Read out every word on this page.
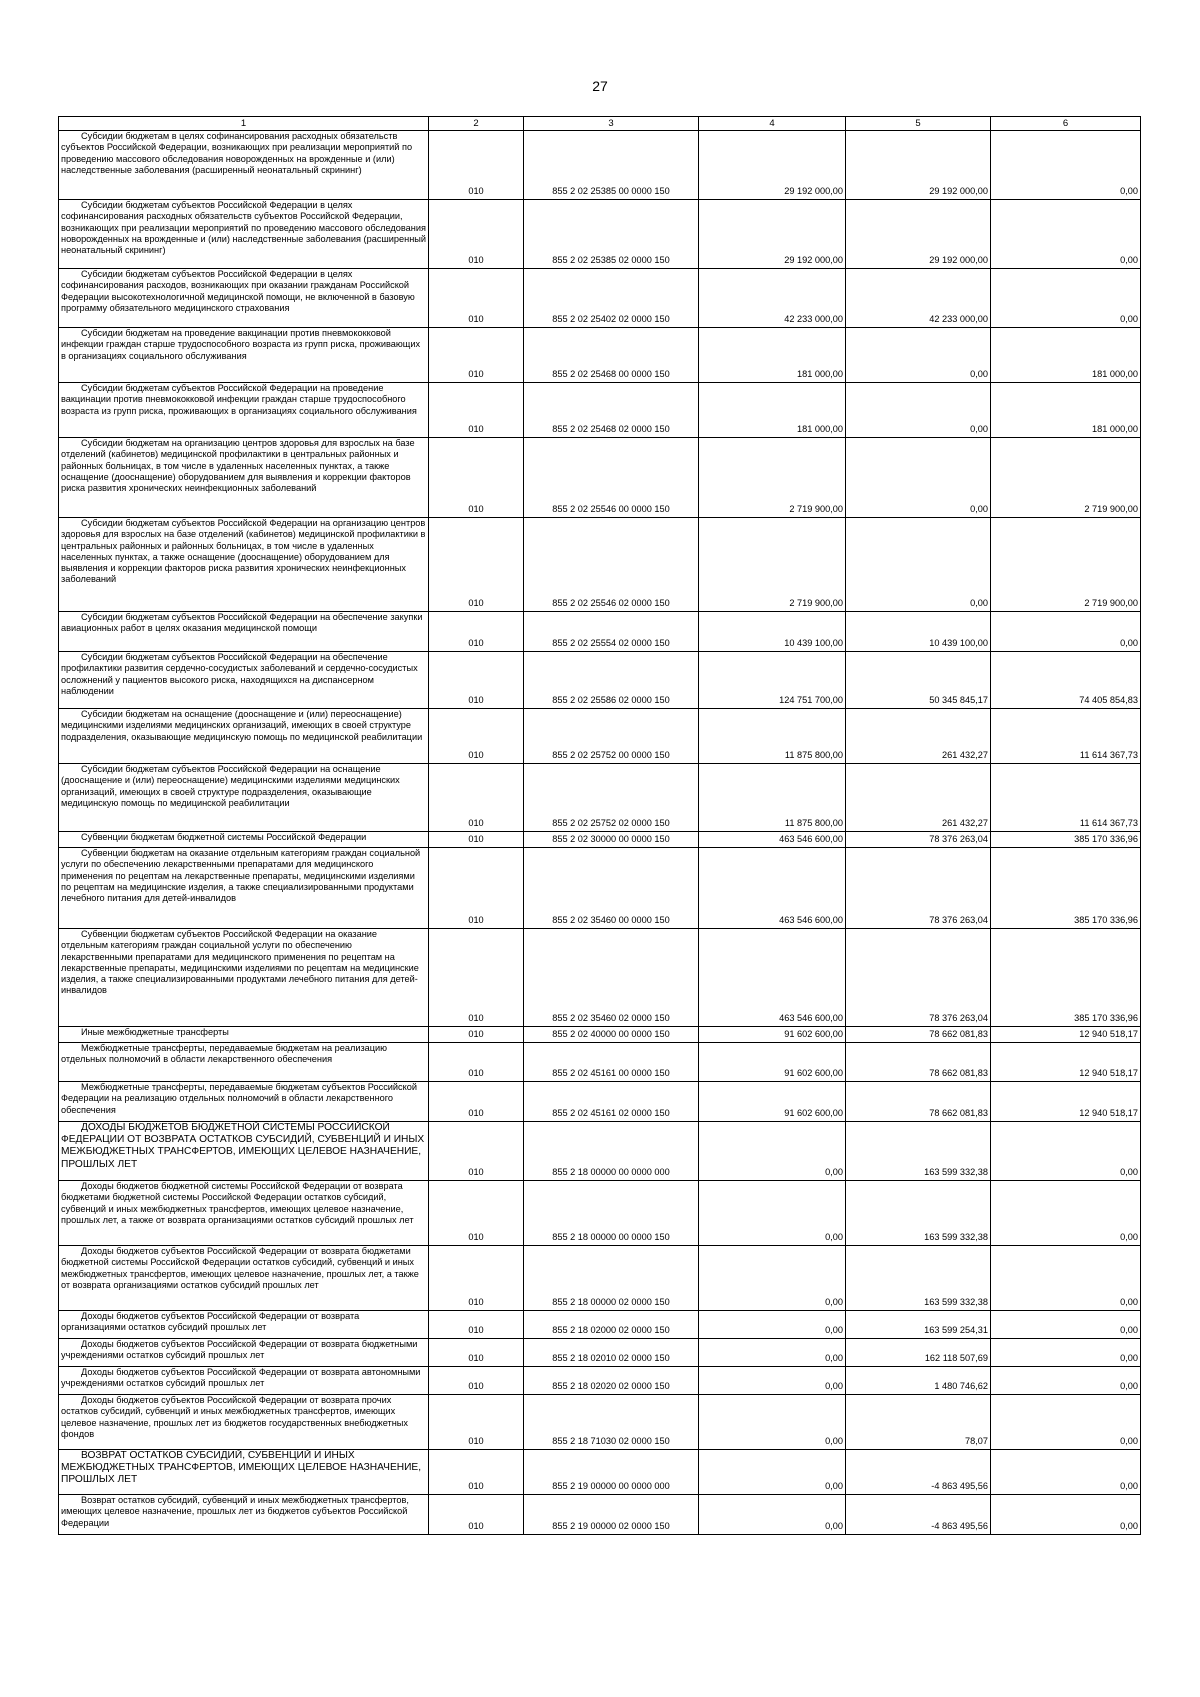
27
1	2	3	4	5	6
Субсидии бюджетам в целях софинансирования расходных обязательств субъектов Российской Федерации, возникающих при реализации мероприятий по проведению массового обследования новорожденных на врожденные и (или) наследственные заболевания (расширенный неонатальный скрининг)	010	855 2 02 25385 00 0000 150	29 192 000,00	29 192 000,00	0,00
Субсидии бюджетам субъектов Российской Федерации в целях софинансирования расходных обязательств субъектов Российской Федерации, возникающих при реализации мероприятий по проведению массового обследования новорожденных на врожденные и (или) наследственные заболевания (расширенный неонатальный скрининг)	010	855 2 02 25385 02 0000 150	29 192 000,00	29 192 000,00	0,00
Субсидии бюджетам субъектов Российской Федерации в целях софинансирования расходов, возникающих при оказании гражданам Российской Федерации высокотехнологичной медицинской помощи, не включенной в базовую программу обязательного медицинского страхования	010	855 2 02 25402 02 0000 150	42 233 000,00	42 233 000,00	0,00
Субсидии бюджетам на проведение вакцинации против пневмококковой инфекции граждан старше трудоспособного возраста из групп риска, проживающих в организациях социального обслуживания	010	855 2 02 25468 00 0000 150	181 000,00	0,00	181 000,00
Субсидии бюджетам субъектов Российской Федерации на проведение вакцинации против пневмококковой инфекции граждан старше трудоспособного возраста из групп риска, проживающих в организациях социального обслуживания	010	855 2 02 25468 02 0000 150	181 000,00	0,00	181 000,00
Субсидии бюджетам на организацию центров здоровья для взрослых на базе отделений (кабинетов) медицинской профилактики в центральных районных и районных больницах, в том числе в удаленных населенных пунктах, а также оснащение (дооснащение) оборудованием для выявления и коррекции факторов риска развития хронических неинфекционных заболеваний	010	855 2 02 25546 00 0000 150	2 719 900,00	0,00	2 719 900,00
Субсидии бюджетам субъектов Российской Федерации на организацию центров здоровья для взрослых на базе отделений (кабинетов) медицинской профилактики в центральных районных и районных больницах, в том числе в удаленных населенных пунктах, а также оснащение (дооснащение) оборудованием для выявления и коррекции факторов риска развития хронических неинфекционных заболеваний	010	855 2 02 25546 02 0000 150	2 719 900,00	0,00	2 719 900,00
Субсидии бюджетам субъектов Российской Федерации на обеспечение закупки авиационных работ в целях оказания медицинской помощи	010	855 2 02 25554 02 0000 150	10 439 100,00	10 439 100,00	0,00
Субсидии бюджетам субъектов Российской Федерации на обеспечение профилактики развития сердечно-сосудистых заболеваний и сердечно-сосудистых осложнений у пациентов высокого риска, находящихся на диспансерном наблюдении	010	855 2 02 25586 02 0000 150	124 751 700,00	50 345 845,17	74 405 854,83
Субсидии бюджетам на оснащение (дооснащение и (или) переоснащение) медицинскими изделиями медицинских организаций, имеющих в своей структуре подразделения, оказывающие медицинскую помощь по медицинской реабилитации	010	855 2 02 25752 00 0000 150	11 875 800,00	261 432,27	11 614 367,73
Субсидии бюджетам субъектов Российской Федерации на оснащение (дооснащение и (или) переоснащение) медицинскими изделиями медицинских организаций, имеющих в своей структуре подразделения, оказывающие медицинскую помощь по медицинской реабилитации	010	855 2 02 25752 02 0000 150	11 875 800,00	261 432,27	11 614 367,73
Субвенции бюджетам бюджетной системы Российской Федерации	010	855 2 02 30000 00 0000 150	463 546 600,00	78 376 263,04	385 170 336,96
Субвенции бюджетам на оказание отдельным категориям граждан социальной услуги по обеспечению лекарственными препаратами для медицинского применения по рецептам на лекарственные препараты, медицинскими изделиями по рецептам на медицинские изделия, а также специализированными продуктами лечебного питания для детей-инвалидов	010	855 2 02 35460 00 0000 150	463 546 600,00	78 376 263,04	385 170 336,96
Субвенции бюджетам субъектов Российской Федерации на оказание отдельным категориям граждан социальной услуги по обеспечению лекарственными препаратами для медицинского применения по рецептам на лекарственные препараты, медицинскими изделиями по рецептам на медицинские изделия, а также специализированными продуктами лечебного питания для детей-инвалидов	010	855 2 02 35460 02 0000 150	463 546 600,00	78 376 263,04	385 170 336,96
Иные межбюджетные трансферты	010	855 2 02 40000 00 0000 150	91 602 600,00	78 662 081,83	12 940 518,17
Межбюджетные трансферты, передаваемые бюджетам на реализацию отдельных полномочий в области лекарственного обеспечения	010	855 2 02 45161 00 0000 150	91 602 600,00	78 662 081,83	12 940 518,17
Межбюджетные трансферты, передаваемые бюджетам субъектов Российской Федерации на реализацию отдельных полномочий в области лекарственного обеспечения	010	855 2 02 45161 02 0000 150	91 602 600,00	78 662 081,83	12 940 518,17
ДОХОДЫ БЮДЖЕТОВ БЮДЖЕТНОЙ СИСТЕМЫ РОССИЙСКОЙ ФЕДЕРАЦИИ ОТ ВОЗВРАТА ОСТАТКОВ СУБСИДИЙ, СУБВЕНЦИЙ И ИНЫХ МЕЖБЮДЖЕТНЫХ ТРАНСФЕРТОВ, ИМЕЮЩИХ ЦЕЛЕВОЕ НАЗНАЧЕНИЕ, ПРОШЛЫХ ЛЕТ	010	855 2 18 00000 00 0000 000	0,00	163 599 332,38	0,00
Доходы бюджетов бюджетной системы Российской Федерации от возврата бюджетами бюджетной системы Российской Федерации остатков субсидий, субвенций и иных межбюджетных трансфертов, имеющих целевое назначение, прошлых лет, а также от возврата организациями остатков субсидий прошлых лет	010	855 2 18 00000 00 0000 150	0,00	163 599 332,38	0,00
Доходы бюджетов субъектов Российской Федерации от возврата бюджетами бюджетной системы Российской Федерации остатков субсидий, субвенций и иных межбюджетных трансфертов, имеющих целевое назначение, прошлых лет, а также от возврата организациями остатков субсидий прошлых лет	010	855 2 18 00000 02 0000 150	0,00	163 599 332,38	0,00
Доходы бюджетов субъектов Российской Федерации от возврата организациями остатков субсидий прошлых лет	010	855 2 18 02000 02 0000 150	0,00	163 599 254,31	0,00
Доходы бюджетов субъектов Российской Федерации от возврата бюджетными учреждениями остатков субсидий прошлых лет	010	855 2 18 02010 02 0000 150	0,00	162 118 507,69	0,00
Доходы бюджетов субъектов Российской Федерации от возврата автономными учреждениями остатков субсидий прошлых лет	010	855 2 18 02020 02 0000 150	0,00	1 480 746,62	0,00
Доходы бюджетов субъектов Российской Федерации от возврата прочих остатков субсидий, субвенций и иных межбюджетных трансфертов, имеющих целевое назначение, прошлых лет из бюджетов государственных внебюджетных фондов	010	855 2 18 71030 02 0000 150	0,00	78,07	0,00
ВОЗВРАТ ОСТАТКОВ СУБСИДИЙ, СУБВЕНЦИЙ И ИНЫХ МЕЖБЮДЖЕТНЫХ ТРАНСФЕРТОВ, ИМЕЮЩИХ ЦЕЛЕВОЕ НАЗНАЧЕНИЕ, ПРОШЛЫХ ЛЕТ	010	855 2 19 00000 00 0000 000	0,00	-4 863 495,56	0,00
Возврат остатков субсидий, субвенций и иных межбюджетных трансфертов, имеющих целевое назначение, прошлых лет из бюджетов субъектов Российской Федерации	010	855 2 19 00000 02 0000 150	0,00	-4 863 495,56	0,00
